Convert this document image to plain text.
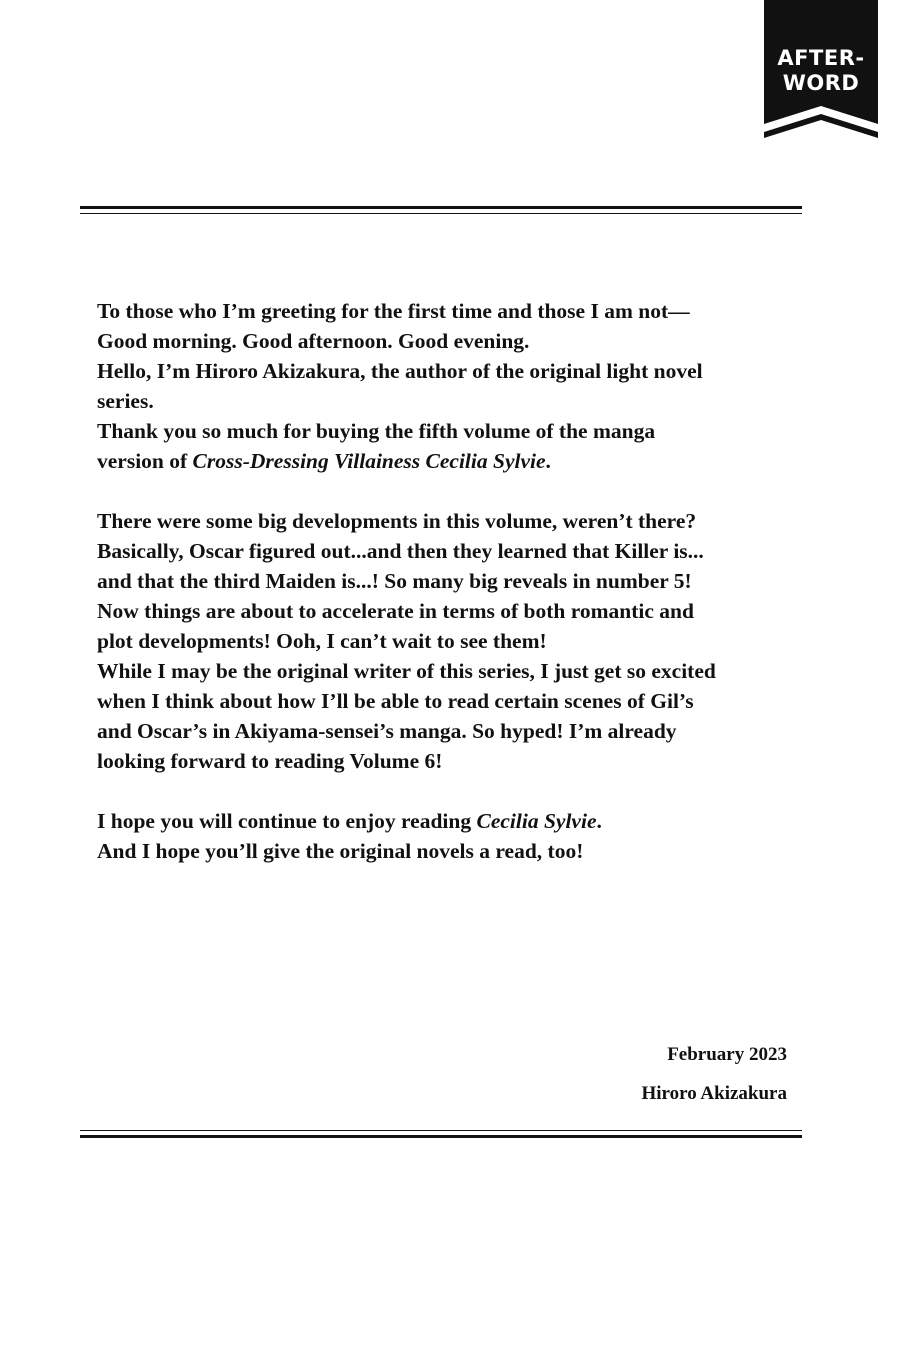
AFTER-
WORD

To those who I’m greeting for the first time and those I am not—
Good morning. Good afternoon. Good evening.
Hello, I’m Hiroro Akizakura, the author of the original light novel
series.
Thank you so much for buying the fifth volume of the manga
version of Cross-Dressing Villainess Cecilia Sylvie.

There were some big developments in this volume, weren’t there?
Basically, Oscar figured out...and then they learned that Killer is...
and that the third Maiden is...! So many big reveals in number 5!
Now things are about to accelerate in terms of both romantic and
plot developments! Ooh, I can’t wait to see them!
While I may be the original writer of this series, I just get so excited
when I think about how I’ll be able to read certain scenes of Gil’s
and Oscar’s in Akiyama-sensei’s manga. So hyped! I’m already
looking forward to reading Volume 6!

I hope you will continue to enjoy reading Cecilia Sylvie.
And I hope you’ll give the original novels a read, too!

February 2023
Hiroro Akizakura
